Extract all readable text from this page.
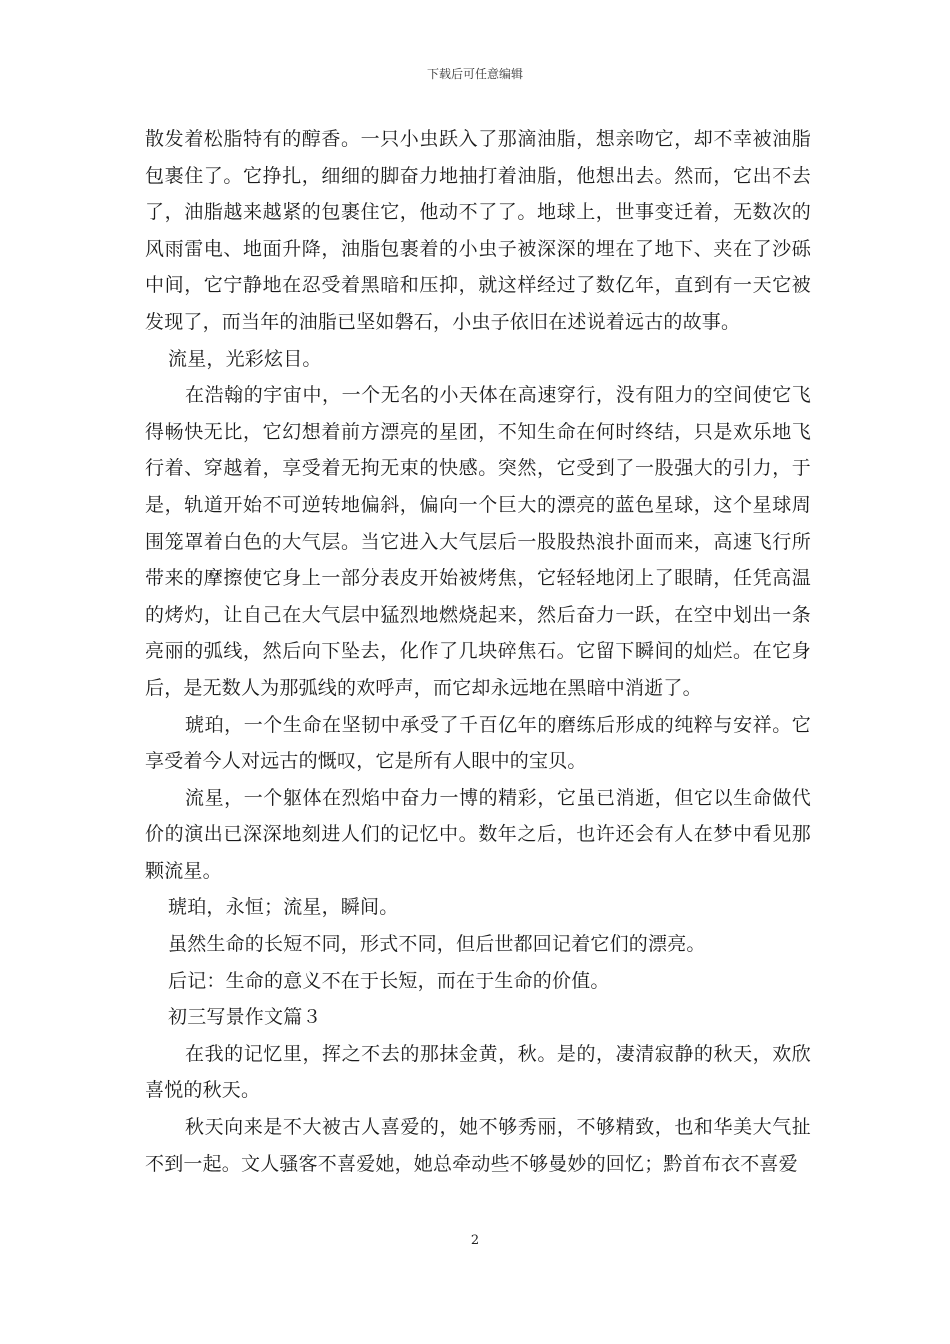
下载后可任意编辑

散发着松脂特有的醇香。一只小虫跃入了那滴油脂，想亲吻它，却不幸被油脂包裹住了。它挣扎，细细的脚奋力地抽打着油脂，他想出去。然而，它出不去了，油脂越来越紧的包裹住它，他动不了了。地球上，世事变迁着，无数次的风雨雷电、地面升降，油脂包裹着的小虫子被深深的埋在了地下、夹在了沙砾中间，它宁静地在忍受着黑暗和压抑，就这样经过了数亿年，直到有一天它被发现了，而当年的油脂已坚如磐石，小虫子依旧在述说着远古的故事。

流星，光彩炫目。

在浩翰的宇宙中，一个无名的小天体在高速穿行，没有阻力的空间使它飞得畅快无比，它幻想着前方漂亮的星团，不知生命在何时终结，只是欢乐地飞行着、穿越着，享受着无拘无束的快感。突然，它受到了一股强大的引力，于是，轨道开始不可逆转地偏斜，偏向一个巨大的漂亮的蓝色星球，这个星球周围笼罩着白色的大气层。当它进入大气层后一股股热浪扑面而来，高速飞行所带来的摩擦使它身上一部分表皮开始被烤焦，它轻轻地闭上了眼睛，任凭高温的烤灼，让自己在大气层中猛烈地燃烧起来，然后奋力一跃，在空中划出一条亮丽的弧线，然后向下坠去，化作了几块碎焦石。它留下瞬间的灿烂。在它身后，是无数人为那弧线的欢呼声，而它却永远地在黑暗中消逝了。

琥珀，一个生命在坚韧中承受了千百亿年的磨练后形成的纯粹与安祥。它享受着今人对远古的慨叹，它是所有人眼中的宝贝。

流星，一个躯体在烈焰中奋力一博的精彩，它虽已消逝，但它以生命做代价的演出已深深地刻进人们的记忆中。数年之后，也许还会有人在梦中看见那颗流星。

琥珀，永恒；流星，瞬间。

虽然生命的长短不同，形式不同，但后世都回记着它们的漂亮。

后记：生命的意义不在于长短，而在于生命的价值。

初三写景作文篇３

在我的记忆里，挥之不去的那抹金黄，秋。是的，凄清寂静的秋天，欢欣喜悦的秋天。

秋天向来是不大被古人喜爱的，她不够秀丽，不够精致，也和华美大气扯不到一起。文人骚客不喜爱她，她总牵动些不够曼妙的回忆；黔首布衣不喜爱

2
